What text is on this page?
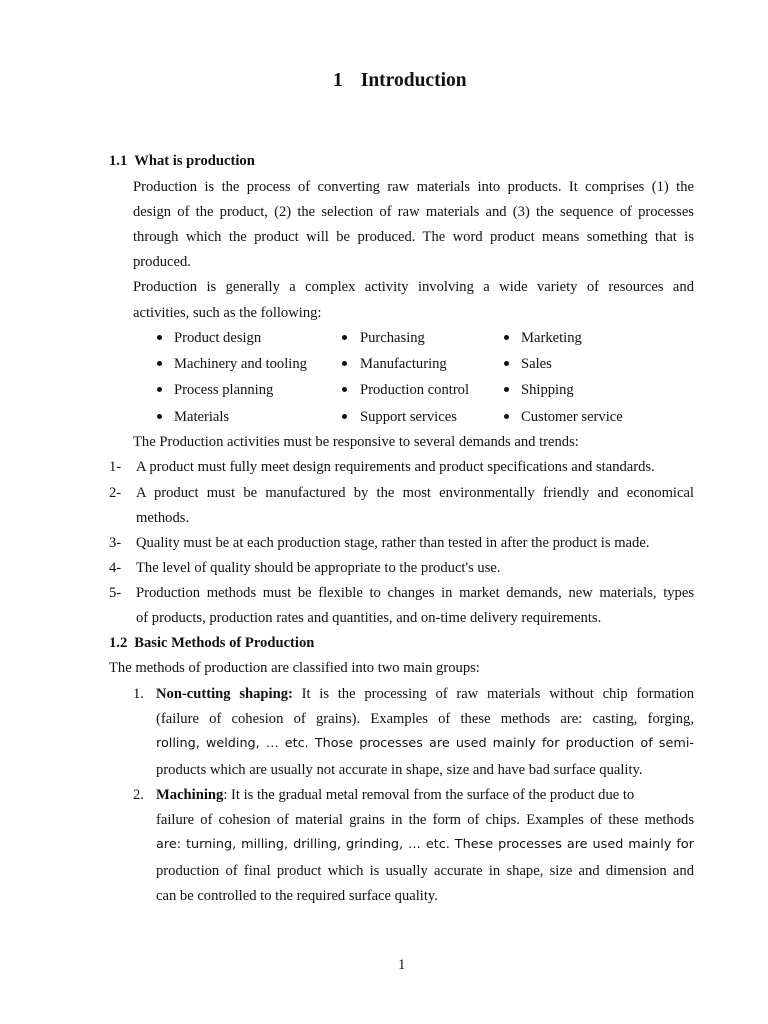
1 Introduction
1.1 What is production
Production is the process of converting raw materials into products. It comprises (1) the
design of the product, (2) the selection of raw materials and (3) the sequence of processes
through which the product will be produced. The word product means something that is
produced.
Production is generally a complex activity involving a wide variety of resources and
activities, such as the following:
Product design	Purchasing	Marketing
Machinery and tooling	Manufacturing	Sales
Process planning	Production control	Shipping
Materials	Support services	Customer service
The Production activities must be responsive to several demands and trends:
1- A product must fully meet design requirements and product specifications and standards.
2- A product must be manufactured by the most environmentally friendly and economical
methods.
3- Quality must be at each production stage, rather than tested in after the product is made.
4- The level of quality should be appropriate to the product's use.
5- Production methods must be flexible to changes in market demands, new materials, types
of products, production rates and quantities, and on-time delivery requirements.
1.2 Basic Methods of Production
The methods of production are classified into two main groups:
1. Non-cutting shaping: It is the processing of raw materials without chip formation
(failure of cohesion of grains). Examples of these methods are: casting, forging,
rolling, welding, … etc. Those processes are used mainly for production of semi-
products which are usually not accurate in shape, size and have bad surface quality.
2. Machining: It is the gradual metal removal from the surface of the product due to
failure of cohesion of material grains in the form of chips. Examples of these methods
are: turning, milling, drilling, grinding, … etc. These processes are used mainly for
production of final product which is usually accurate in shape, size and dimension and
can be controlled to the required surface quality.
1
